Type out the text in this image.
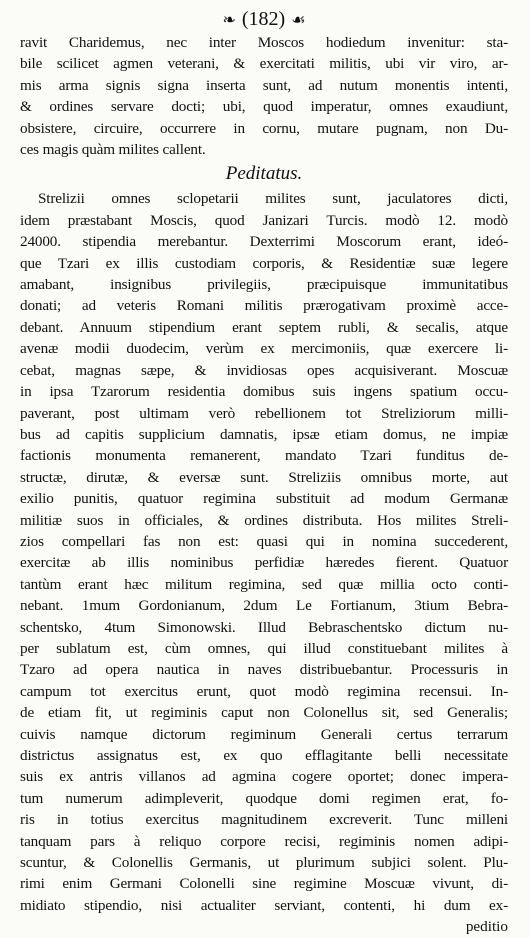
❧ (182) ☙
ravit Charidemus, nec inter Moscos hodiedum invenitur: sta-
bile scilicet agmen veterani, & exercitati militis, ubi vir viro, ar-
mis arma signis signa inserta sunt, ad nutum monentis intenti,
& ordines servare docti; ubi, quod imperatur, omnes exaudiunt,
obsistere, circuire, occurrere in cornu, mutare pugnam, non Du-
ces magis quàm milites callent.
Peditatus.
Strelizii omnes sclopetarii milites sunt, jaculatores dicti,
idem præstabant Moscis, quod Janizari Turcis. modò 12. modò
24000. stipendia merebantur. Dexterrimi Moscorum erant, ideó-
que Tzari ex illis custodiam corporis, & Residentiæ suæ legere
amabant, insignibus privilegiis, præcipuisque immunitatibus
donati; ad veteris Romani militis prærogativam proximè acce-
debant. Annuum stipendium erant septem rubli, & secalis, atque
avenæ modii duodecim, verùm ex mercimoniis, quæ exercere li-
cebat, magnas sæpe, & invidiosas opes acquisiverant. Moscuæ
in ipsa Tzarorum residentia domibus suis ingens spatium occu-
paverant, post ultimam verò rebellionem tot Streliziorum milli-
bus ad capitis supplicium damnatis, ipsæ etiam domus, ne impiæ
factionis monumenta remanerent, mandato Tzari funditus de-
structæ, dirutæ, & eversæ sunt. Streliziis omnibus morte, aut
exilio punitis, quatuor regimina substituit ad modum Germanæ
militiæ suos in officiales, & ordines distributa. Hos milites Streli-
zios compellari fas non est: quasi qui in nomina succederent,
exercitæ ab illis nominibus perfidiæ hæredes fierent. Quatuor
tantùm erant hæc militum regimina, sed quæ millia octo conti-
nebant. 1mum Gordonianum, 2dum Le Fortianum, 3tium Bebra-
schentsko, 4tum Simonowski. Illud Bebraschentsko dictum nu-
per sublatum est, cùm omnes, qui illud constituebant milites à
Tzaro ad opera nautica in naves distribuebantur. Processuris in
campum tot exercitus erunt, quot modò regimina recensui. In-
de etiam fit, ut regiminis caput non Colonellus sit, sed Generalis;
cuivis namque dictorum regiminum Generali certus terrarum
districtus assignatus est, ex quo efflagitante belli necessitate
suis ex antris villanos ad agmina cogere oportet; donec impera-
tum numerum adimpleverit, quodque domi regimen erat, fo-
ris in totius exercitus magnitudinem excreverit. Tunc milleni
tanquam pars à reliquo corpore recisi, regiminis nomen adipi-
scuntur, & Colonellis Germanis, ut plurimum subjici solent. Plu-
rimi enim Germani Colonelli sine regimine Moscuæ vivunt, di-
midiato stipendio, nisi actualiter serviant, contenti, hi dum ex-
peditio
